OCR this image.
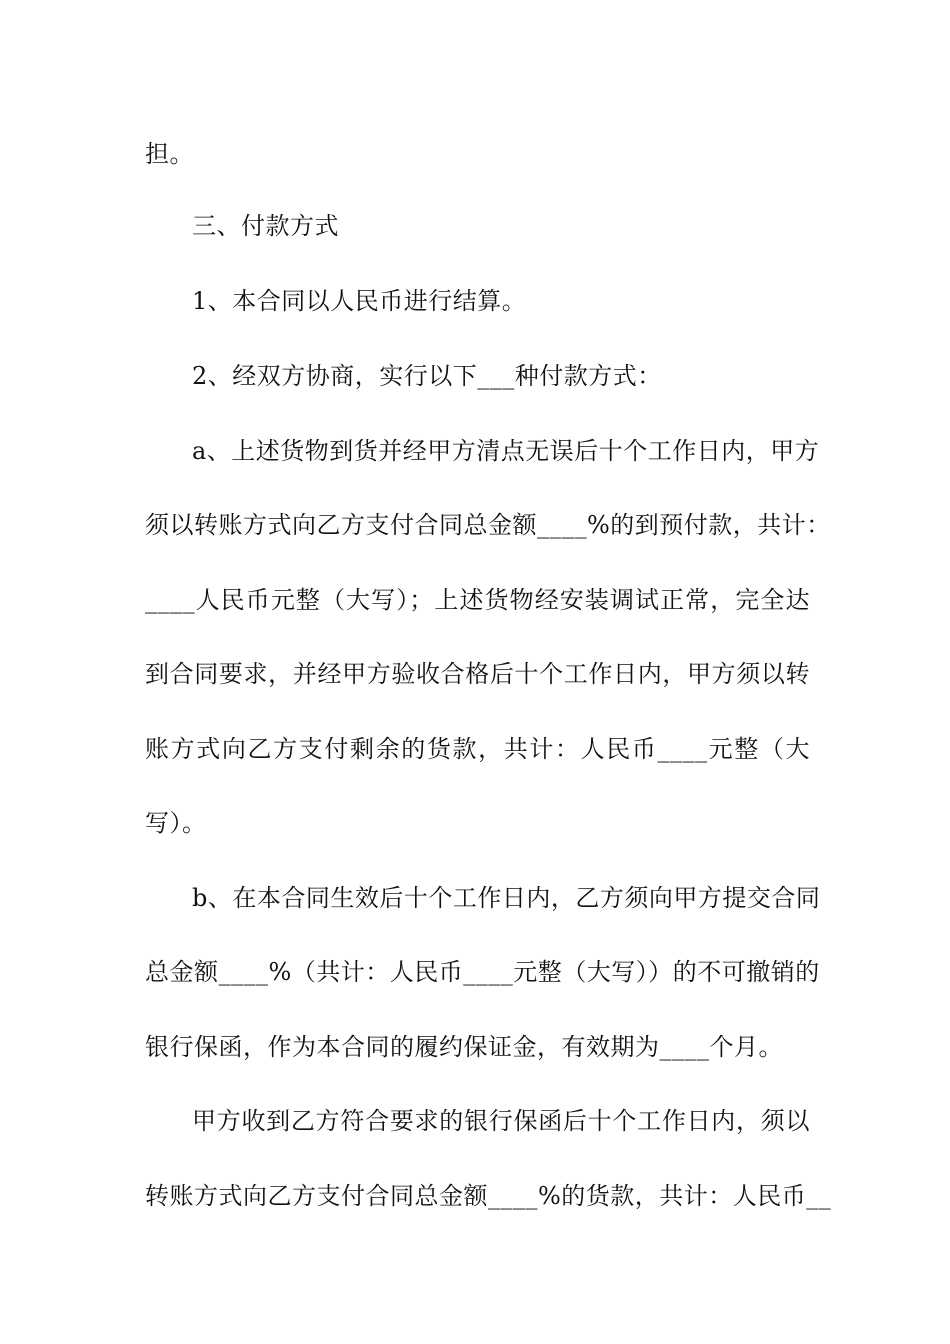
担。
三、付款方式
1、本合同以人民币进行结算。
2、经双方协商，实行以下___种付款方式：
a、上述货物到货并经甲方清点无误后十个工作日内，甲方
须以转账方式向乙方支付合同总金额____%的到预付款，共计：
____人民币元整（大写）；上述货物经安装调试正常，完全达
到合同要求，并经甲方验收合格后十个工作日内，甲方须以转
账方式向乙方支付剩余的货款，共计：人民币____元整（大
写）。
b、在本合同生效后十个工作日内，乙方须向甲方提交合同
总金额____%（共计：人民币____元整（大写））的不可撤销的
银行保函，作为本合同的履约保证金，有效期为____个月。
甲方收到乙方符合要求的银行保函后十个工作日内，须以
转账方式向乙方支付合同总金额____%的货款，共计：人民币__
